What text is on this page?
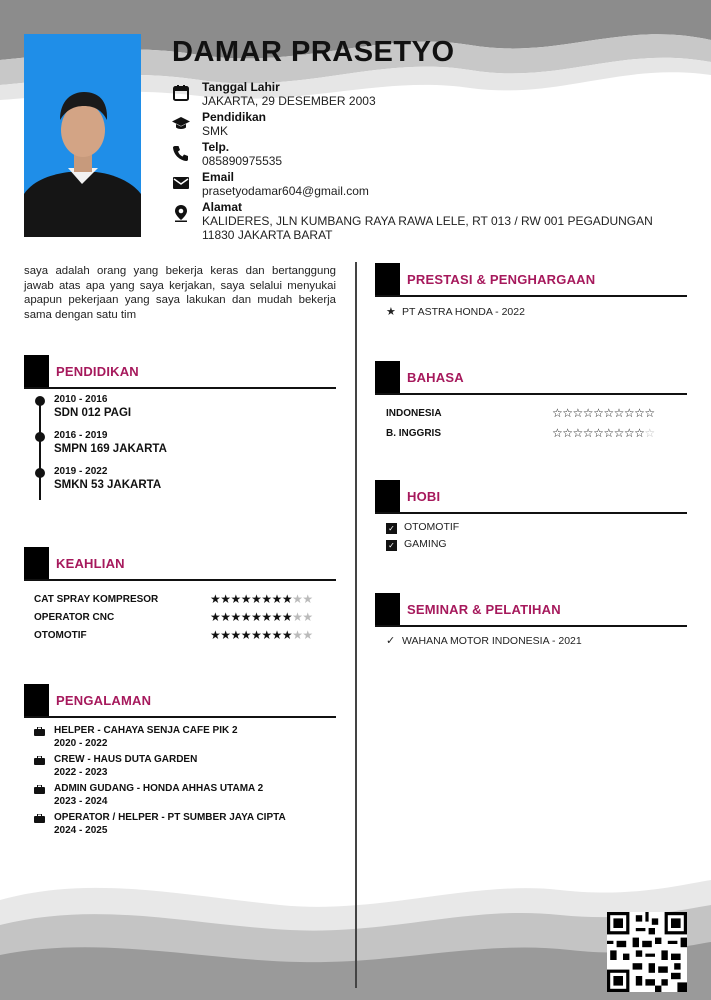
DAMAR PRASETYO
Tanggal Lahir
JAKARTA, 29 DESEMBER 2003
Pendidikan
SMK
Telp.
085890975535
Email
prasetyodamar604@gmail.com
Alamat
KALIDERES, JLN KUMBANG RAYA RAWA LELE, RT 013 / RW 001 PEGADUNGAN
11830 JAKARTA BARAT
saya adalah orang yang bekerja keras dan bertanggung jawab atas apa yang saya kerjakan, saya selalui menyukai apapun pekerjaan yang saya lakukan dan mudah bekerja sama dengan satu tim
PENDIDIKAN
2010 - 2016
SDN 012 PAGI
2016 - 2019
SMPN 169 JAKARTA
2019 - 2022
SMKN 53 JAKARTA
KEAHLIAN
CAT SPRAY KOMPRESOR	★★★★★★★★★★
OPERATOR CNC	★★★★★★★★★★
OTOMOTIF	★★★★★★★★★★
PENGALAMAN
HELPER - CAHAYA SENJA CAFE PIK 2
2020 - 2022
CREW - HAUS DUTA GARDEN
2022 - 2023
ADMIN GUDANG - HONDA AHHAS UTAMA 2
2023 - 2024
OPERATOR / HELPER - PT SUMBER JAYA CIPTA
2024 - 2025
PRESTASI & PENGHARGAAN
★ PT ASTRA HONDA - 2022
BAHASA
INDONESIA	☆☆☆☆☆☆☆☆☆☆
B. INGGRIS	☆☆☆☆☆☆☆☆☆☆
HOBI
✓ OTOMOTIF
✓ GAMING
SEMINAR & PELATIHAN
✓ WAHANA MOTOR INDONESIA - 2021
